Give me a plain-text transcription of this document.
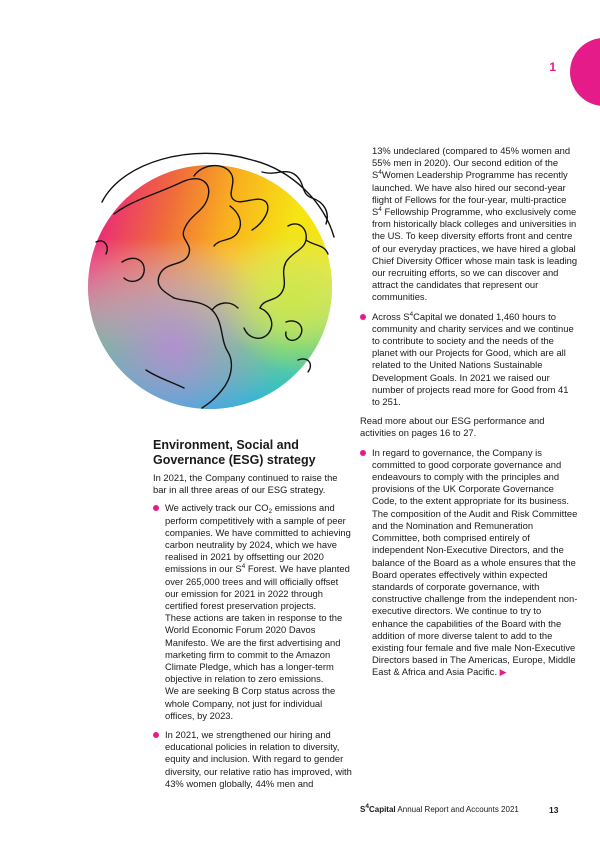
1
Environment, Social and
Governance (ESG) strategy

In 2021, the Company continued to raise the bar in all three areas of our ESG strategy.

We actively track our $CO_2$ emissions and perform competitively with a sample of peer companies. We have committed to achieving carbon neutrality by 2024, which we have realised in 2021 by offsetting our 2020 emissions in our $S^4$ Forest. We have planted over 265,000 trees and will officially offset our emission for 2021 in 2022 through certified forest preservation projects.

These actions are taken in response to the World Economic Forum 2020 Davos Manifesto. We are the first advertising and marketing firm to commit to the Amazon Climate Pledge, which has a longer-term objective in relation to zero emissions.

We are seeking B Corp status across the whole Company, not just for individual offices, by 2023.

In 2021, we strengthened our hiring and educational policies in relation to diversity, equity and inclusion. With regard to gender diversity, our relative ratio has improved, with 43% women globally, 44% men and

13% undeclared (compared to 45% women and 55% men in 2020). Our second edition of the $S^4Women$ Leadership Programme has recently launched. We have also hired our second-year flight of Fellows for the four-year, multi-practice $S^4$ Fellowship Programme, who exclusively come from historically black colleges and universities in the US. To keep diversity efforts front and centre of our everyday practices, we have hired a global Chief Diversity Officer whose main task is leading our recruiting efforts, so we can discover and attract the candidates that represent our communities.

Across $S^4Capital$ we donated 1,460 hours to community and charity services and we continue to contribute to society and the needs of the planet with our Projects for Good, which are all related to the United Nations Sustainable Development Goals. In 2021 we raised our number of projects read more for Good from 41 to 251.

Read more about our ESG performance and activities on pages 16 to 27.

In regard to governance, the Company is committed to good corporate governance and endeavours to comply with the principles and provisions of the UK Corporate Governance Code, to the extent appropriate for its business.

The composition of the Audit and Risk Committee and the Nomination and Remuneration Committee, both comprised entirely of independent Non-Executive Directors, and the balance of the Board as a whole ensures that the Board operates effectively within expected standards of corporate governance, with constructive challenge from the independent non-executive directors. We continue to try to enhance the capabilities of the Board with the addition of more diverse talent to add to the existing four female and five male Non-Executive Directors based in The Americas, Europe, Middle East & Africa and Asia Pacific. ▶

$S^4Capital$ Annual Report and Accounts 2021	13
